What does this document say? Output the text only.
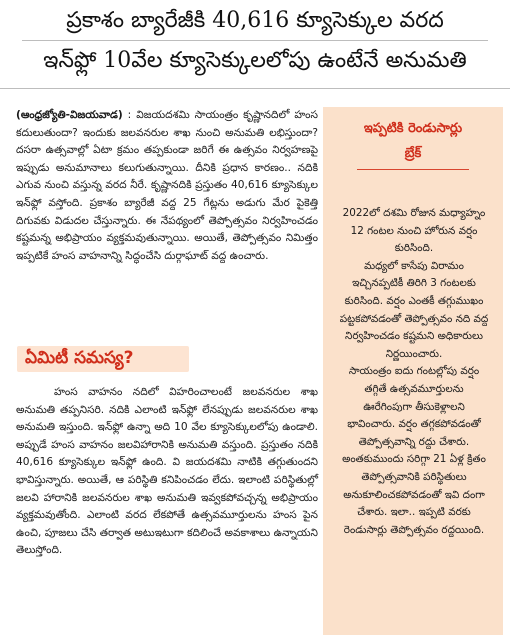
ప్రకాశం బ్యారేజీకి 40,616 క్యూసెక్కుల వరద
ఇన్‌ఫ్లో 10వేల క్యూసెక్కులలోపు ఉంటేనే అనుమతి

(ఆంధ్రజ్యోతి-విజయవాడ) : విజయదశమి సాయంత్రం కృష్ణానదిలో హంస కదులుతుందా? ఇందుకు జలవనరుల శాఖ నుంచి అనుమతి లభిస్తుందా? దసరా ఉత్సవాల్లో ఏటా క్రమం తప్పకుండా జరిగే ఈ ఉత్సవం నిర్వహణపై ఇప్పుడు అనుమానాలు కలుగుతున్నాయి. దీనికి ప్రధాన కారణం.. నదికి ఎగువ నుంచి వస్తున్న వరద నీరే. కృష్ణానదికి ప్రస్తుతం 40,616 క్యూసెక్కుల ఇన్‌ఫ్లో వస్తోంది. ప్రకాశం బ్యారేజీ వద్ద 25 గేట్లను అడుగు మేర పైకెత్తి దిగువకు విడుదల చేస్తున్నారు. ఈ నేపథ్యంలో తెప్పోత్సవం నిర్వహించడం కష్టమన్న అభిప్రాయం వ్యక్తమవుతున్నాయి. అయితే, తెప్పోత్సవం నిమిత్తం ఇప్పటికే హంస వాహనాన్ని సిద్ధంచేసి దుర్గాఘాట్ వద్ద ఉంచారు.

ఏమిటీ సమస్య?

హంస వాహనం నదిలో విహరించాలంటే జలవనరుల శాఖ అనుమతి తప్పనిసరి. నదికి ఎలాంటి ఇన్‌ఫ్లో లేనప్పుడు జలవనరుల శాఖ అనుమతి ఇస్తుంది. ఇన్‌ఫ్లో ఉన్నా అది 10 వేల క్యూసెక్కులలోపు ఉండాలి. అప్పుడే హంస వాహనం జలవిహారానికి అనుమతి వస్తుంది. ప్రస్తుతం నదికి 40,616 క్యూసెక్కుల ఇన్‌ఫ్లో ఉంది. వి జయదశమి నాటికి తగ్గుతుందని భావిస్తున్నారు. అయితే, ఆ పరిస్థితి కనిపించడం లేదు. ఇలాంటి పరిస్థితుల్లో జలవి హారానికి జలవనరుల శాఖ అనుమతి ఇవ్వకపోవచ్చన్న అభిప్రాయం వ్యక్తమవుతోంది. ఎలాంటి వరద లేకపోతే ఉత్సవమూర్తులను హంస పైన ఉంచి, పూజలు చేసి తర్వాత అటుఇటుగా కదిలించే అవకాశాలు ఉన్నాయని తెలుస్తోంది.

ఇప్పటికి రెండుసార్లు
బ్రేక్

2022లో దశమి రోజున మధ్యాహ్నం 12 గంటల నుంచి హోరున వర్షం కురిసింది.

మధ్యలో కాసేపు విరామం ఇచ్చినప్పటికీ తిరిగి 3 గంటలకు కురిసింది. వర్షం ఎంతకీ తగ్గుముఖం పట్టకపోవడంతో తెప్పోత్సవం నది వద్ద నిర్వహించడం కష్టమని అధికారులు నిర్ణయించారు.

సాయంత్రం ఐదు గంటల్లోపు వర్షం తగ్గితే ఉత్సవమూర్తులను ఊరేగింపుగా తీసుకెళ్లాలని భావించారు. వర్షం తగ్గకపోవడంతో తెప్పోత్సవాన్ని రద్దు చేశారు.

అంతకుముందు సరిగ్గా 21 ఏళ్ల క్రితం తెప్పోత్సవానికి పరిస్థితులు అనుకూలించకపోవడంతో ఇవి దంగా చేశారు. ఇలా.. ఇప్పటి వరకు రెండుసార్లు తెప్పోత్సవం రద్దయింది.
